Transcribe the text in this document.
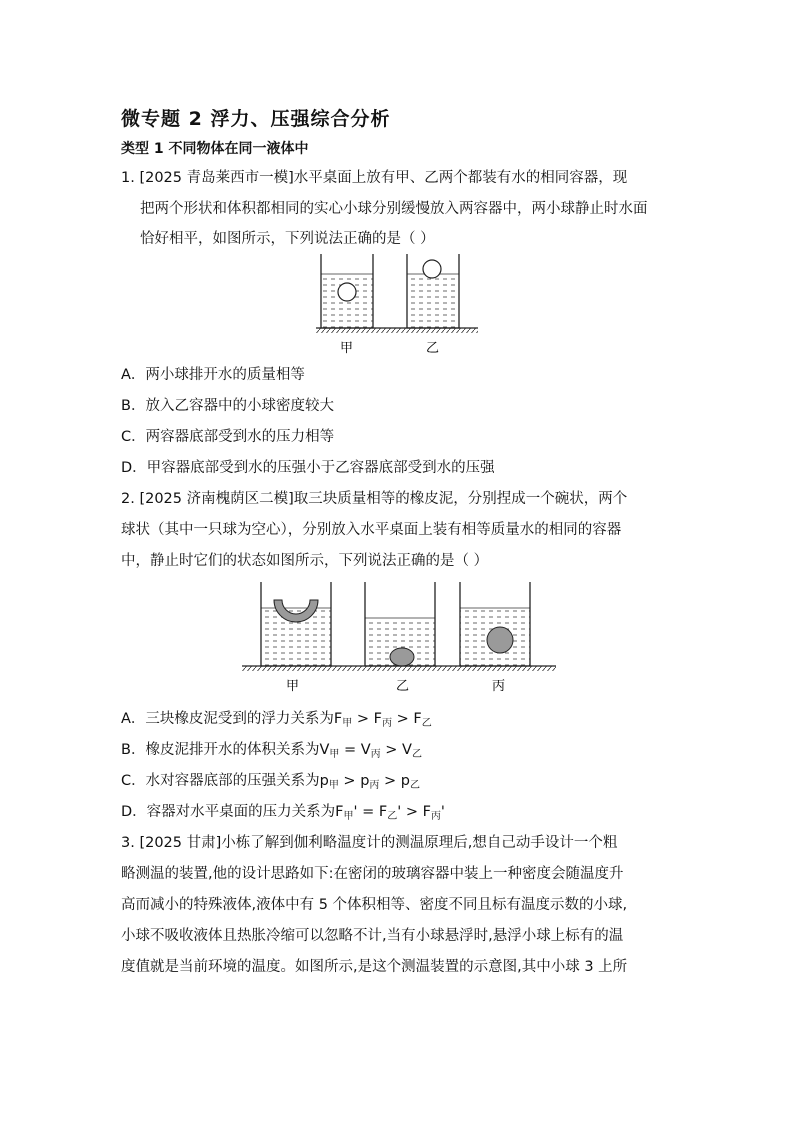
微专题 2 浮力、压强综合分析
类型 1 不同物体在同一液体中
1. [2025 青岛莱西市一模]水平桌面上放有甲、乙两个都装有水的相同容器，现
把两个形状和体积都相同的实心小球分别缓慢放入两容器中，两小球静止时水面
恰好相平，如图所示，下列说法正确的是（ ）
甲	乙
A．两小球排开水的质量相等
B．放入乙容器中的小球密度较大
C．两容器底部受到水的压力相等
D．甲容器底部受到水的压强小于乙容器底部受到水的压强
2. [2025 济南槐荫区二模]取三块质量相等的橡皮泥，分别捏成一个碗状，两个
球状（其中一只球为空心），分别放入水平桌面上装有相等质量水的相同的容器
中，静止时它们的状态如图所示，下列说法正确的是（ ）
甲	乙	丙
A．三块橡皮泥受到的浮力关系为$F_甲 > F_丙 > F_乙$
B．橡皮泥排开水的体积关系为$V_甲 = V_丙 > V_乙$
C．水对容器底部的压强关系为$p_甲 > p_丙 > p_乙$
D．容器对水平桌面的压力关系为$F_甲' = F_乙' > F_丙'$
3. [2025 甘肃]小栋了解到伽利略温度计的测温原理后,想自己动手设计一个粗
略测温的装置,他的设计思路如下:在密闭的玻璃容器中装上一种密度会随温度升
高而减小的特殊液体,液体中有 5 个体积相等、密度不同且标有温度示数的小球,
小球不吸收液体且热胀冷缩可以忽略不计,当有小球悬浮时,悬浮小球上标有的温
度值就是当前环境的温度。如图所示,是这个测温装置的示意图,其中小球 3 上所
